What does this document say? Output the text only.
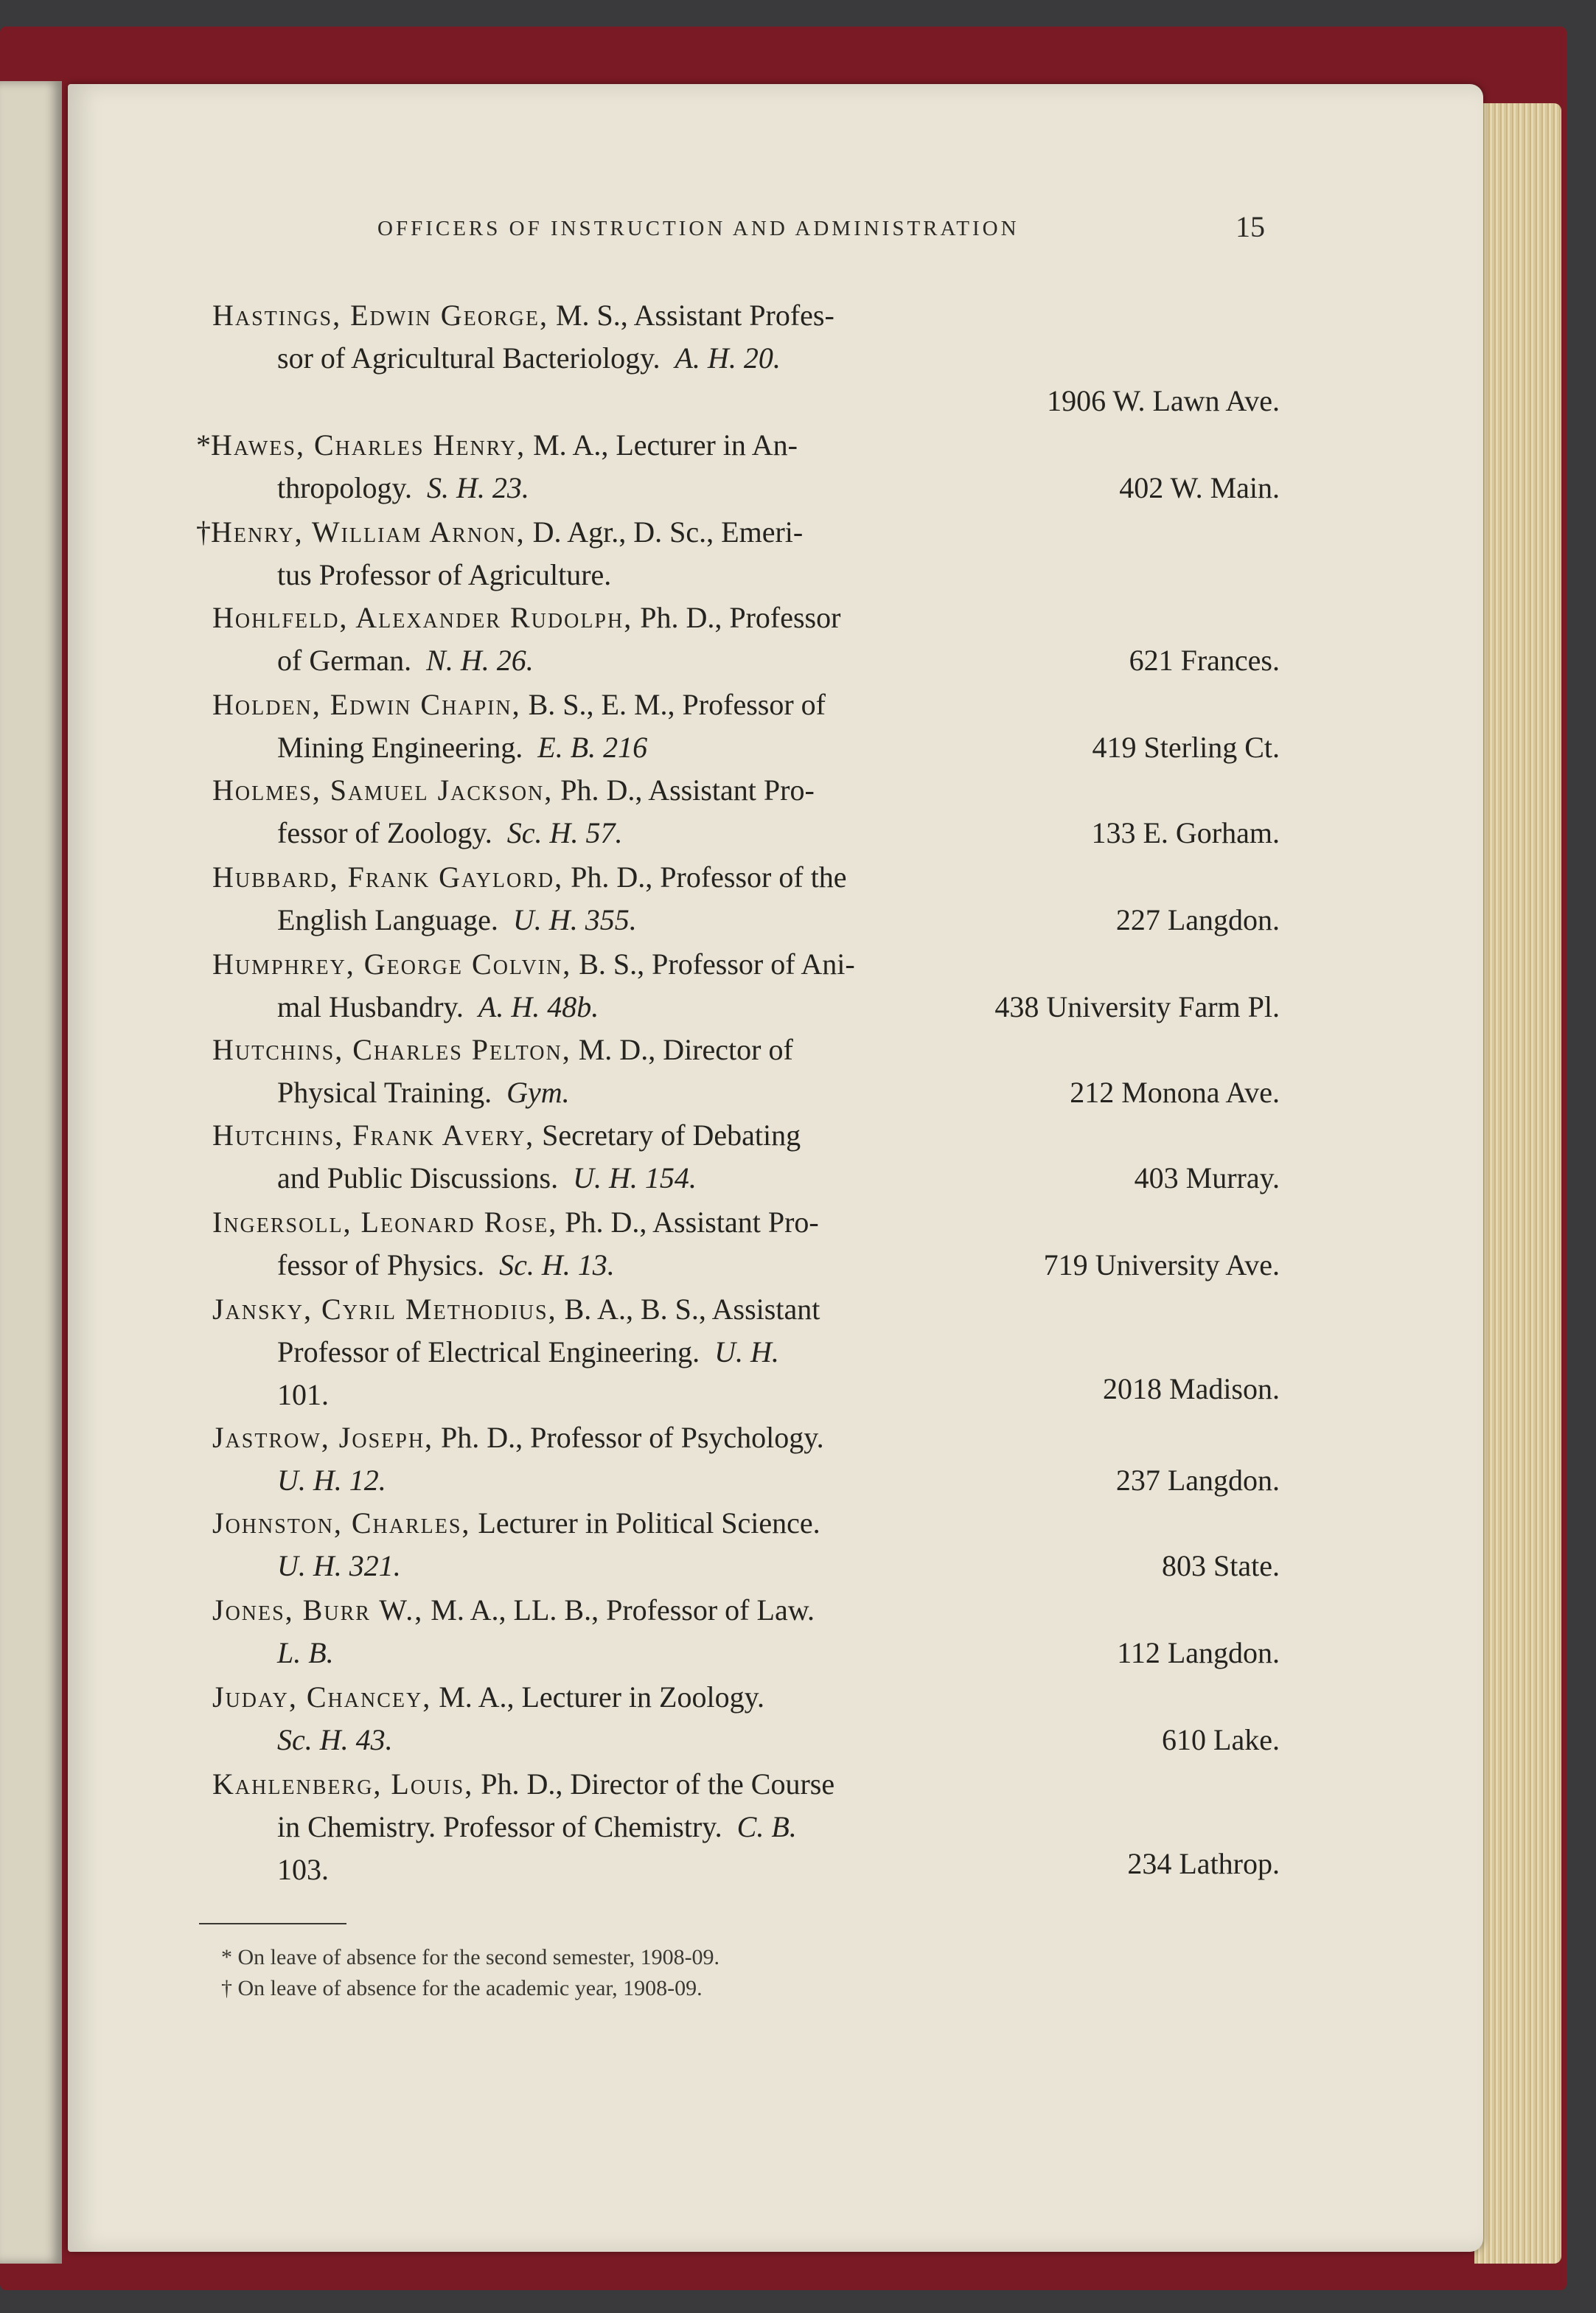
OFFICERS OF INSTRUCTION AND ADMINISTRATION	15
Hastings, Edwin George, M. S., Assistant Profes-
sor of Agricultural Bacteriology. A. H. 20.
1906 W. Lawn Ave.
*Hawes, Charles Henry, M. A., Lecturer in An-
thropology. S. H. 23.	402 W. Main.
†Henry, William Arnon, D. Agr., D. Sc., Emeri-
tus Professor of Agriculture.
Hohlfeld, Alexander Rudolph, Ph. D., Professor
of German. N. H. 26.	621 Frances.
Holden, Edwin Chapin, B. S., E. M., Professor of
Mining Engineering. E. B. 216	419 Sterling Ct.
Holmes, Samuel Jackson, Ph. D., Assistant Pro-
fessor of Zoology. Sc. H. 57.	133 E. Gorham.
Hubbard, Frank Gaylord, Ph. D., Professor of the
English Language. U. H. 355.	227 Langdon.
Humphrey, George Colvin, B. S., Professor of Ani-
mal Husbandry. A. H. 48b.	438 University Farm Pl.
Hutchins, Charles Pelton, M. D., Director of
Physical Training. Gym.	212 Monona Ave.
Hutchins, Frank Avery, Secretary of Debating
and Public Discussions. U. H. 154.	403 Murray.
Ingersoll, Leonard Rose, Ph. D., Assistant Pro-
fessor of Physics. Sc. H. 13.	719 University Ave.
Jansky, Cyril Methodius, B. A., B. S., Assistant
Professor of Electrical Engineering. U. H.
101.	2018 Madison.
Jastrow, Joseph, Ph. D., Professor of Psychology.
U. H. 12.	237 Langdon.
Johnston, Charles, Lecturer in Political Science.
U. H. 321.	803 State.
Jones, Burr W., M. A., LL. B., Professor of Law.
L. B.	112 Langdon.
Juday, Chancey, M. A., Lecturer in Zoology.
Sc. H. 43.	610 Lake.
Kahlenberg, Louis, Ph. D., Director of the Course
in Chemistry. Professor of Chemistry. C. B.
103.	234 Lathrop.
* On leave of absence for the second semester, 1908-09.
† On leave of absence for the academic year, 1908-09.
